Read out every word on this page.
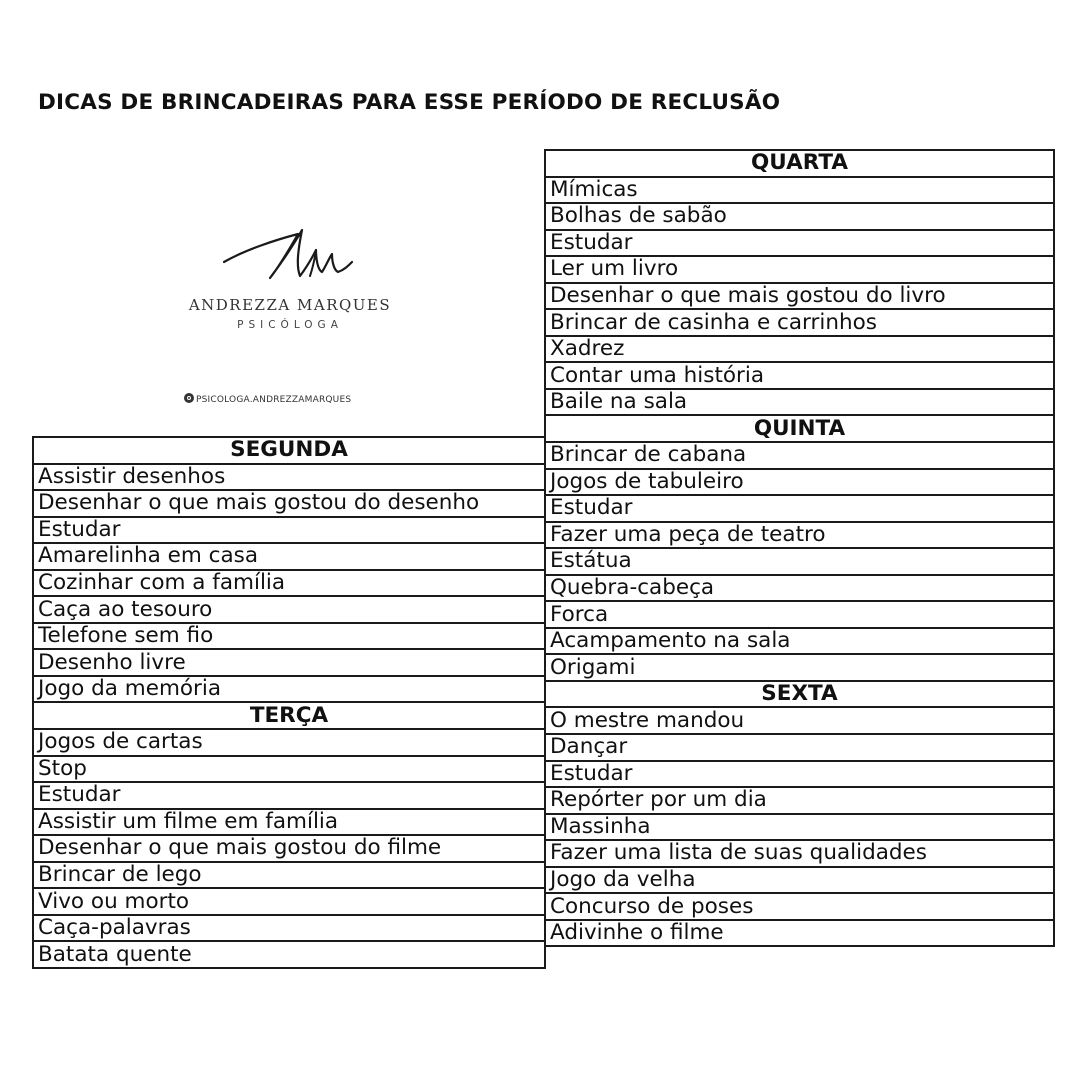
DICAS DE BRINCADEIRAS PARA ESSE PERÍODO DE RECLUSÃO
ANDREZZA MARQUES
PSICÓLOGA
PSICOLOGA.ANDREZZAMARQUES
QUARTA
Mímicas
Bolhas de sabão
Estudar
Ler um livro
Desenhar o que mais gostou do livro
Brincar de casinha e carrinhos
Xadrez
Contar uma história
Baile na sala
QUINTA
Brincar de cabana
Jogos de tabuleiro
Estudar
Fazer uma peça de teatro
Estátua
Quebra-cabeça
Forca
Acampamento na sala
Origami
SEXTA
O mestre mandou
Dançar
Estudar
Repórter por um dia
Massinha
Fazer uma lista de suas qualidades
Jogo da velha
Concurso de poses
Adivinhe o filme
SEGUNDA
Assistir desenhos
Desenhar o que mais gostou do desenho
Estudar
Amarelinha em casa
Cozinhar com a família
Caça ao tesouro
Telefone sem fio
Desenho livre
Jogo da memória
TERÇA
Jogos de cartas
Stop
Estudar
Assistir um filme em família
Desenhar o que mais gostou do filme
Brincar de lego
Vivo ou morto
Caça-palavras
Batata quente
